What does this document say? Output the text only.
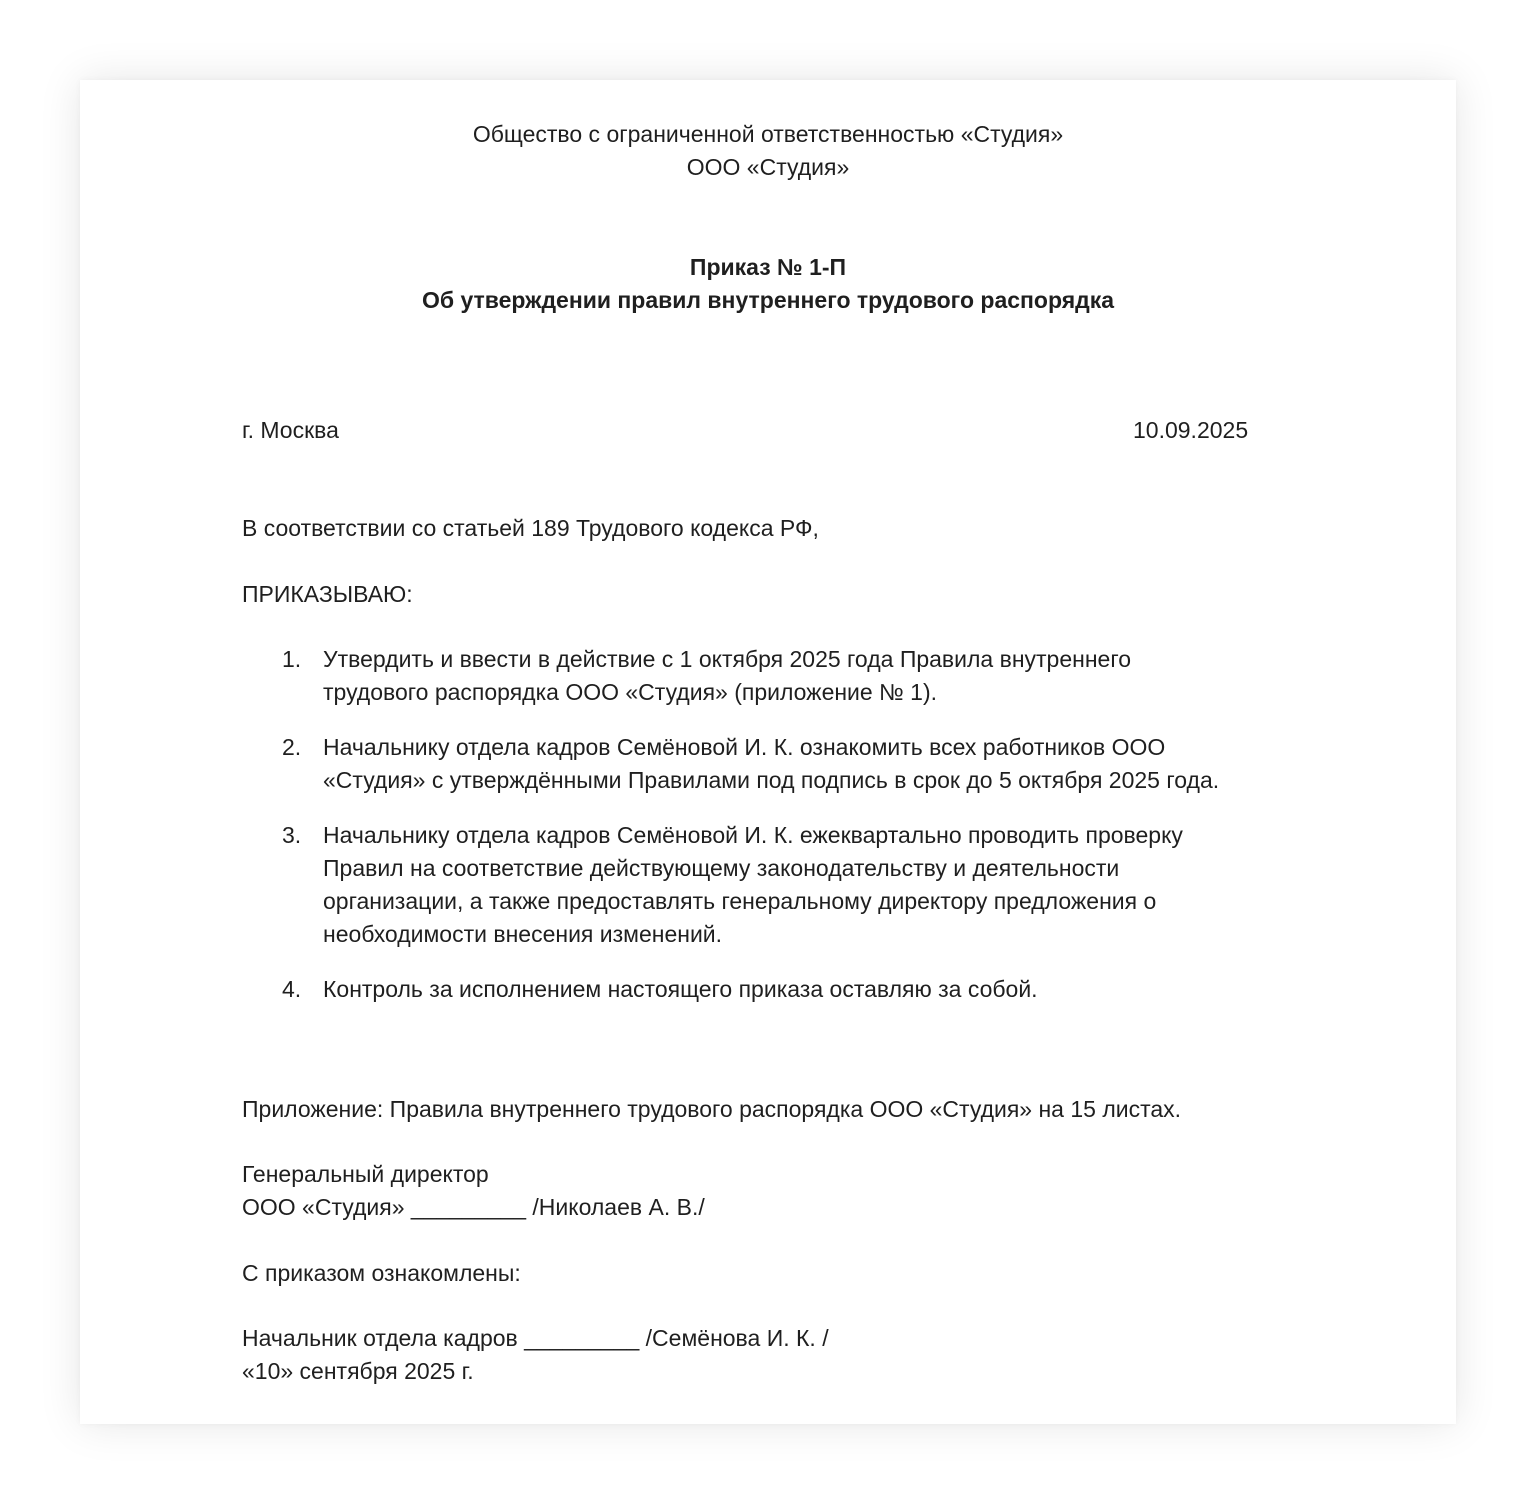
Общество с ограниченной ответственностью «Студия»
ООО «Студия»
Приказ № 1-П
Об утверждении правил внутреннего трудового распорядка
г. Москва	10.09.2025
В соответствии со статьей 189 Трудового кодекса РФ,
ПРИКАЗЫВАЮ:
1. Утвердить и ввести в действие с 1 октября 2025 года Правила внутреннего
трудового распорядка ООО «Студия» (приложение № 1).
2. Начальнику отдела кадров Семёновой И. К. ознакомить всех работников ООО
«Студия» с утверждёнными Правилами под подпись в срок до 5 октября 2025 года.
3. Начальнику отдела кадров Семёновой И. К. ежеквартально проводить проверку
Правил на соответствие действующему законодательству и деятельности
организации, а также предоставлять генеральному директору предложения о
необходимости внесения изменений.
4. Контроль за исполнением настоящего приказа оставляю за собой.
Приложение: Правила внутреннего трудового распорядка ООО «Студия» на 15 листах.
Генеральный директор
ООО «Студия» _________ /Николаев А. В./
С приказом ознакомлены:
Начальник отдела кадров _________ /Семёнова И. К. /
«10» сентября 2025 г.
